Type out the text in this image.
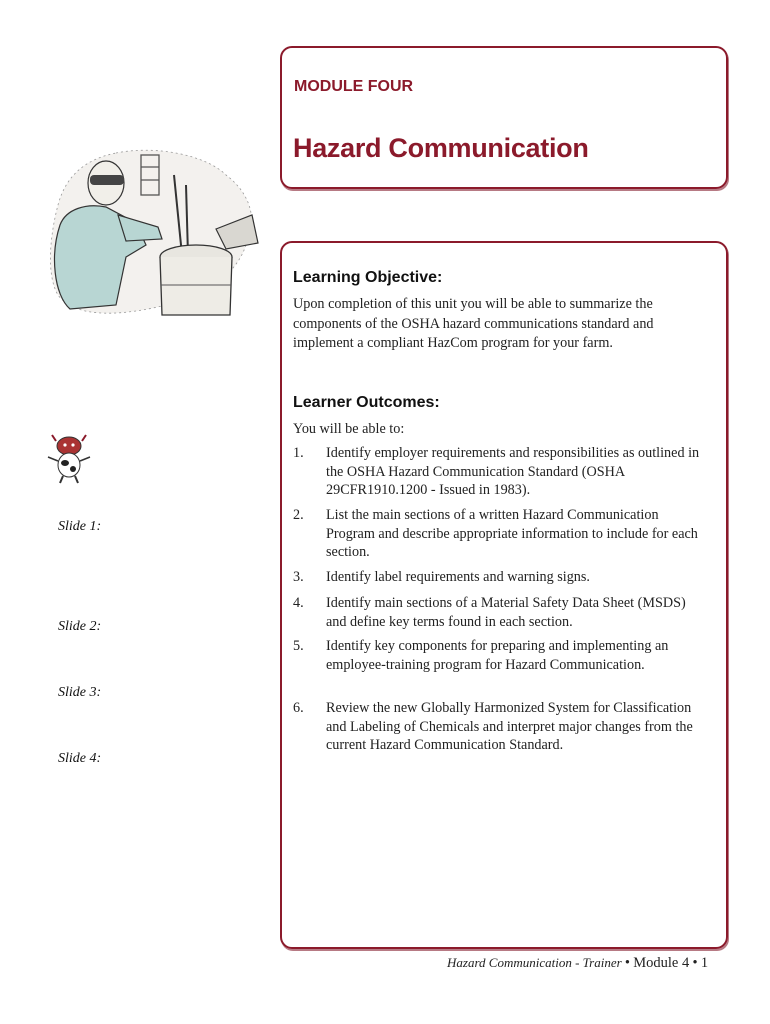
MODULE FOUR
Hazard Communication
Slide 1:
Slide 2:
Slide 3:
Slide 4:
Learning Objective:
Upon completion of this unit you will be able to summarize the components of the OSHA hazard communications standard and implement a compliant HazCom program for your farm.
Learner Outcomes:
You will be able to:
1.	Identify employer requirements and responsibilities as outlined in the OSHA Hazard Communication Standard (OSHA 29CFR1910.1200 - Issued in 1983).
2.	List the main sections of a written Hazard Communication Program and describe appropriate information to include for each section.
3.	Identify label requirements and warning signs.
4.	Identify main sections of a Material Safety Data Sheet (MSDS) and define key terms found in each section.
5.	Identify key components for preparing and implementing an employee-training program for Hazard Communication.
6.	Review the new Globally Harmonized System for Classification and Labeling of Chemicals and interpret major changes from the current Hazard Communication Standard.
Hazard Communication - Trainer • Module 4 • 1
